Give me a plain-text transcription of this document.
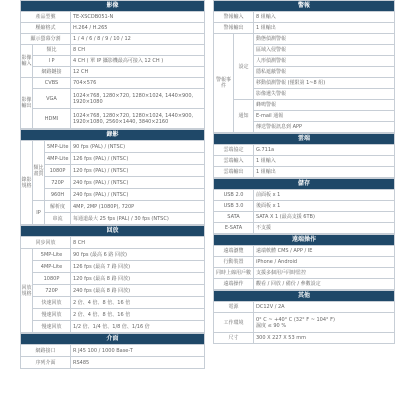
影像		
產品型號		TE-XSCDB051-N
壓縮格式		H.264 / H.265
顯示螢幕分割		1 / 4 / 6 / 8 / 9 / 10 / 12
影像輸入	類比	8 CH
	I P	4 CH ( 單 IP 攝影機最高可接入 12 CH )
	網路鏈接	12 CH
影像輸出	CVBS	704×576
	VGA	1024×768, 1280×720, 1280×1024, 1440×900,
1920×1080

	HDMI	1024×768, 1280×720, 1280×1024, 1440×900,
1920×1080, 2560×1440, 3840×2160
錄影			
錄影規格	類比畫質	5MP-Lite	90 fps (PAL) / (NTSC)
		4MP-Lite	126 fps (PAL) / (NTSC)
		1080P	120 fps (PAL) / (NTSC)
		720P	240 fps (PAL) / (NTSC)
		960H	240 fps (PAL) / (NTSC)
	IP	解析度	4MP, 2MP (1080P), 720P
		串流	每通道最大 25 fps (PAL) / 30 fps (NTSC)
回放		
同步回放		8 CH
回放規格	5MP-Lite	90 fps (最高 6 路 回放)
	4MP-Lite	126 fps (最高 7 路 回放)
	1080P	120 fps (最高 8 路 回放)
	720P	240 fps (最高 8 路 回放)
	快速回放	2 倍、4 倍、8 倍、16 倍
	慢速回放	2 倍、4 倍、8 倍、16 倍
	慢速回放	1/2 倍、1/4 倍、1/8 倍、1/16 倍
介面	
網路接口	R J45 100 / 1000 Base-T
序列介面	RS485
警報		
警報輸入		8 組輸入
警報輸出		1 組輸出
警報事件	設定	動態偵測警報
		區域入侵警報
		人形偵測警報
		隱私遮蔽警報
		移動偵測警報 (僅限第 1~8 組)
		影像遺失警報
	通知	蜂鳴警報
		E-mail 通報
		傳送警報訊息到 APP
雲端	
雲端協定	G.711a
雲端輸入	1 組輸入
雲端輸出	1 組輸出
儲存	
USB 2.0	前面板 x 1
USB 3.0	後面板 x 1
SATA	SATA X 1 (最高支援 6TB)
E-SATA	不支援
遠端操作	
遠端瀏覽	遠端軟體 CMS / APP / IE
行動裝置	iPhone / Android
同時上線用戶數	支援多個用戶同時監控
遠端操作	觀看 / 回放 / 備份 / 參數設定
其他	
電源	DC12V / 2A
工作環境	0° C ~ +40° C (32° F ~ 104° F)
濕度 ≤ 90 %

尺寸	300 X 227 X 53 mm
